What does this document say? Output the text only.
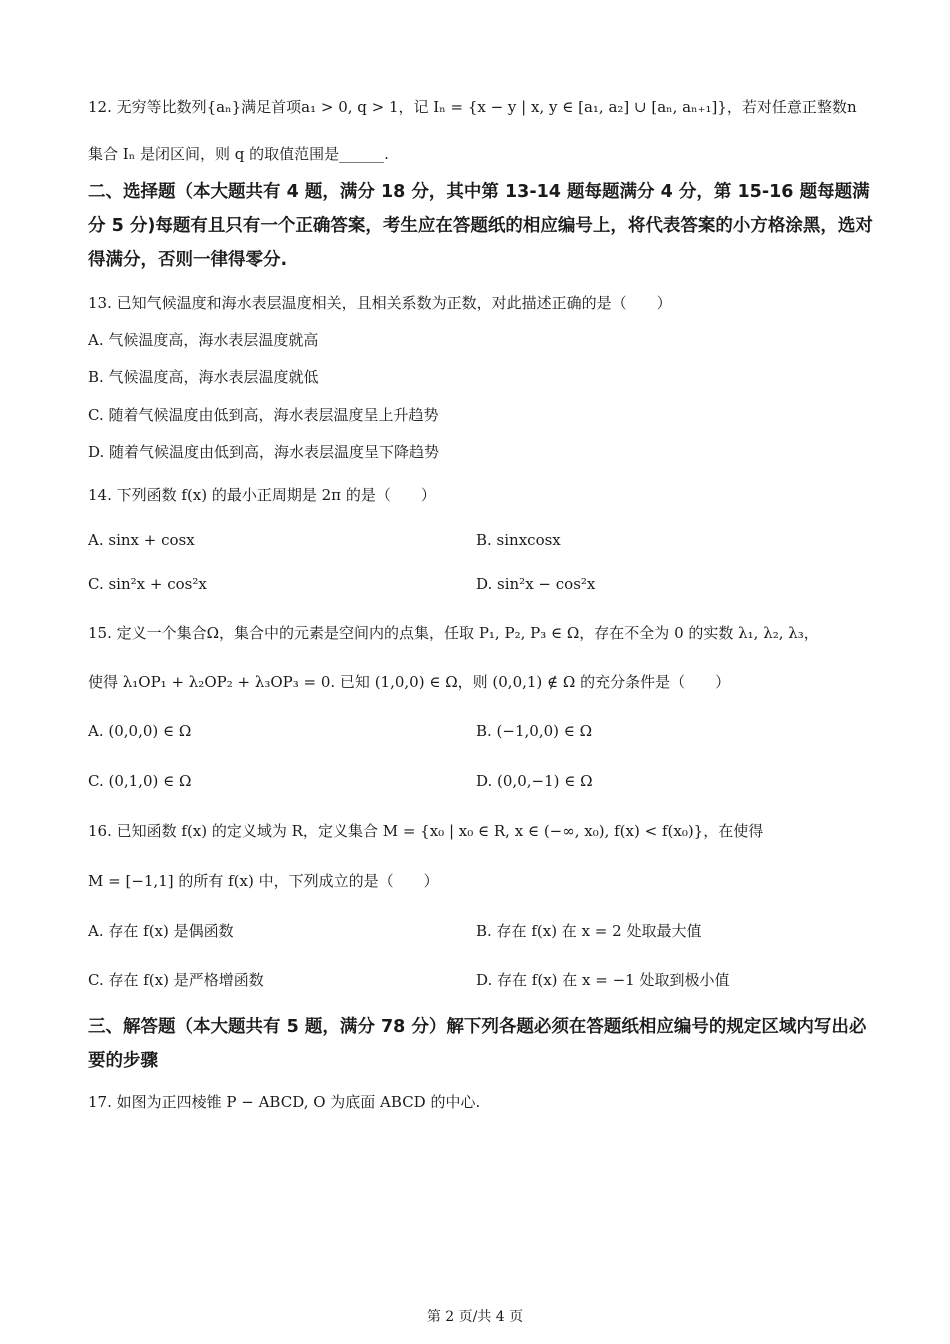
12. 无穷等比数列{aₙ}满足首项a₁ > 0, q > 1，记 Iₙ = {x − y | x, y ∈ [a₁, a₂] ∪ [aₙ, aₙ₊₁]}，若对任意正整数n
集合 Iₙ 是闭区间，则 q 的取值范围是______.
二、选择题（本大题共有 4 题，满分 18 分，其中第 13-14 题每题满分 4 分，第 15-16 题每题满分 5 分)每题有且只有一个正确答案，考生应在答题纸的相应编号上，将代表答案的小方格涂黑，选对得满分，否则一律得零分.
13. 已知气候温度和海水表层温度相关，且相关系数为正数，对此描述正确的是（　　）
A. 气候温度高，海水表层温度就高
B. 气候温度高，海水表层温度就低
C. 随着气候温度由低到高，海水表层温度呈上升趋势
D. 随着气候温度由低到高，海水表层温度呈下降趋势
14. 下列函数 f(x) 的最小正周期是 2π 的是（　　）
A. sinx + cosx	B. sinxcosx
C. sin²x + cos²x	D. sin²x − cos²x
15. 定义一个集合Ω，集合中的元素是空间内的点集，任取 P₁, P₂, P₃ ∈ Ω，存在不全为 0 的实数 λ₁, λ₂, λ₃，
使得 λ₁OP₁ + λ₂OP₂ + λ₃OP₃ = 0. 已知 (1,0,0) ∈ Ω，则 (0,0,1) ∉ Ω 的充分条件是（　　）
A. (0,0,0) ∈ Ω	B. (−1,0,0) ∈ Ω
C. (0,1,0) ∈ Ω	D. (0,0,−1) ∈ Ω
16. 已知函数 f(x) 的定义域为 R，定义集合 M = {x₀ | x₀ ∈ R, x ∈ (−∞, x₀), f(x) < f(x₀)}，在使得
M = [−1,1] 的所有 f(x) 中，下列成立的是（　　）
A. 存在 f(x) 是偶函数	B. 存在 f(x) 在 x = 2 处取最大值
C. 存在 f(x) 是严格增函数	D. 存在 f(x) 在 x = −1 处取到极小值
三、解答题（本大题共有 5 题，满分 78 分）解下列各题必须在答题纸相应编号的规定区域内写出必要的步骤
17. 如图为正四棱锥 P − ABCD, O 为底面 ABCD 的中心.
第 2 页/共 4 页
